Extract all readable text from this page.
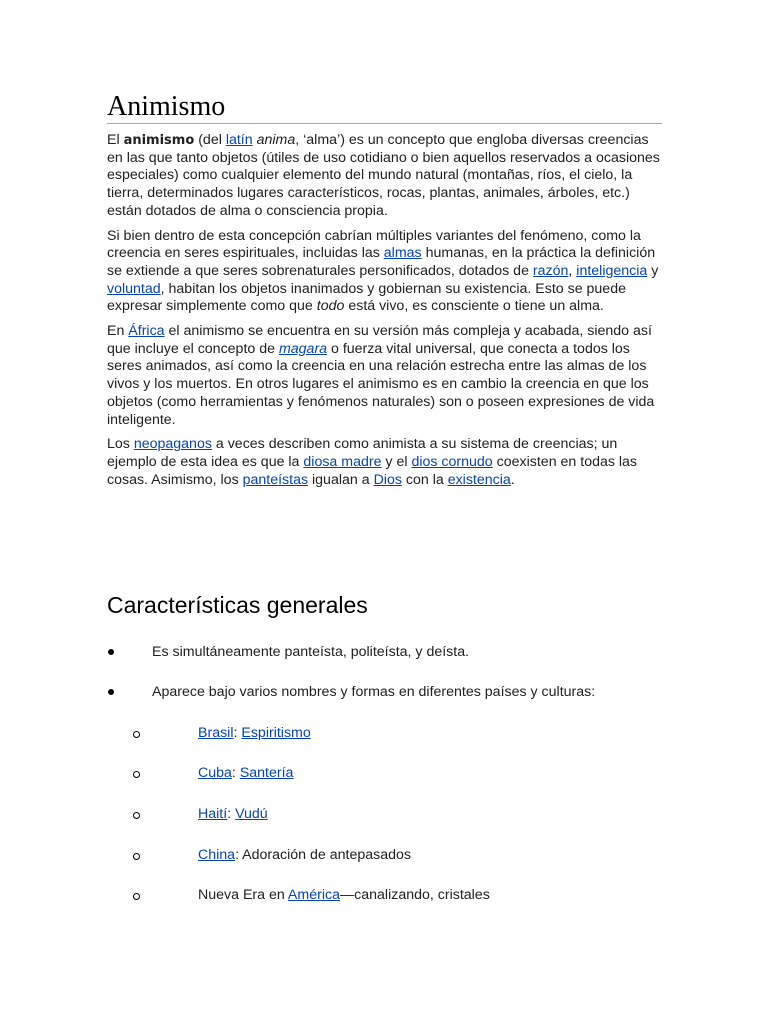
Animismo

El animismo (del latín anima, ‘alma’) es un concepto que engloba diversas creencias en las que tanto objetos (útiles de uso cotidiano o bien aquellos reservados a ocasiones especiales) como cualquier elemento del mundo natural (montañas, ríos, el cielo, la tierra, determinados lugares característicos, rocas, plantas, animales, árboles, etc.) están dotados de alma o consciencia propia.

Si bien dentro de esta concepción cabrían múltiples variantes del fenómeno, como la creencia en seres espirituales, incluidas las almas humanas, en la práctica la definición se extiende a que seres sobrenaturales personificados, dotados de razón, inteligencia y voluntad, habitan los objetos inanimados y gobiernan su existencia. Esto se puede expresar simplemente como que todo está vivo, es consciente o tiene un alma.

En África el animismo se encuentra en su versión más compleja y acabada, siendo así que incluye el concepto de magara o fuerza vital universal, que conecta a todos los seres animados, así como la creencia en una relación estrecha entre las almas de los vivos y los muertos. En otros lugares el animismo es en cambio la creencia en que los objetos (como herramientas y fenómenos naturales) son o poseen expresiones de vida inteligente.

Los neopaganos a veces describen como animista a su sistema de creencias; un ejemplo de esta idea es que la diosa madre y el dios cornudo coexisten en todas las cosas. Asimismo, los panteístas igualan a Dios con la existencia.

Características generales
Es simultáneamente panteísta, politeísta, y deísta.
Aparece bajo varios nombres y formas en diferentes países y culturas:
Brasil: Espiritismo
Cuba: Santería
Haití: Vudú
China: Adoración de antepasados
Nueva Era en América—canalizando, cristales
